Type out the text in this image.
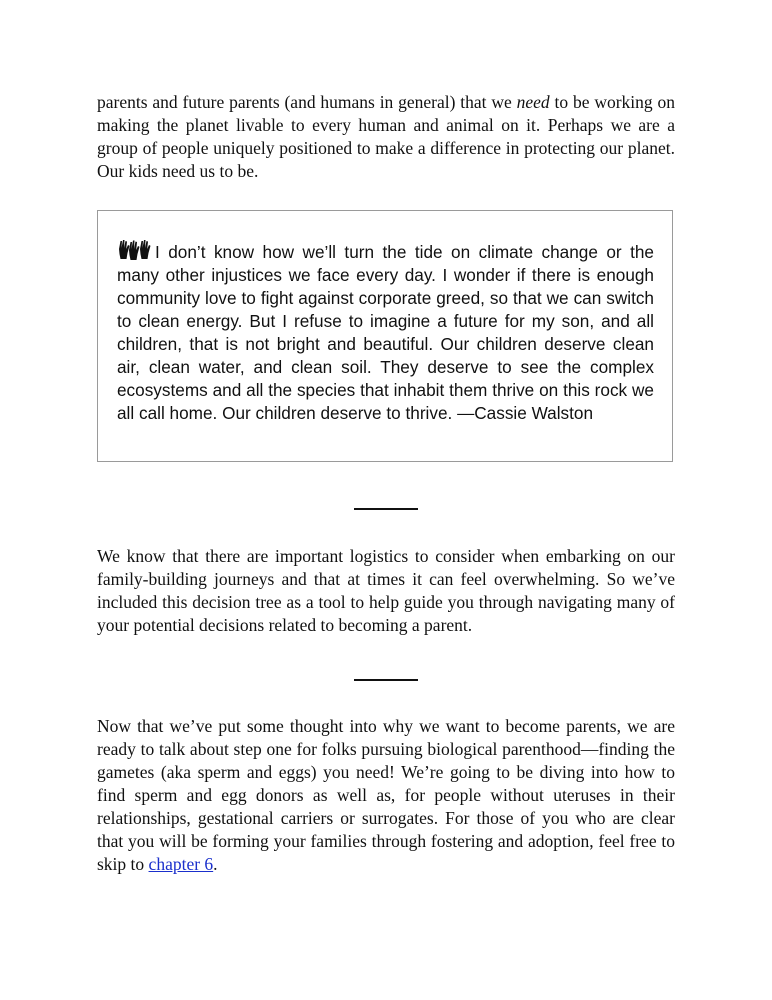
parents and future parents (and humans in general) that we need to be working on making the planet livable to every human and animal on it. Perhaps we are a group of people uniquely positioned to make a difference in protecting our planet. Our kids need us to be.

I don’t know how we’ll turn the tide on climate change or the many other injustices we face every day. I wonder if there is enough community love to fight against corporate greed, so that we can switch to clean energy. But I refuse to imagine a future for my son, and all children, that is not bright and beautiful. Our children deserve clean air, clean water, and clean soil. They deserve to see the complex ecosystems and all the species that inhabit them thrive on this rock we all call home. Our children deserve to thrive. —Cassie Walston

We know that there are important logistics to consider when embarking on our family-building journeys and that at times it can feel overwhelming. So we’ve included this decision tree as a tool to help guide you through navigating many of your potential decisions related to becoming a parent.

Now that we’ve put some thought into why we want to become parents, we are ready to talk about step one for folks pursuing biological parenthood—finding the gametes (aka sperm and eggs) you need! We’re going to be diving into how to find sperm and egg donors as well as, for people without uteruses in their relationships, gestational carriers or surrogates. For those of you who are clear that you will be forming your families through fostering and adoption, feel free to skip to chapter 6.
